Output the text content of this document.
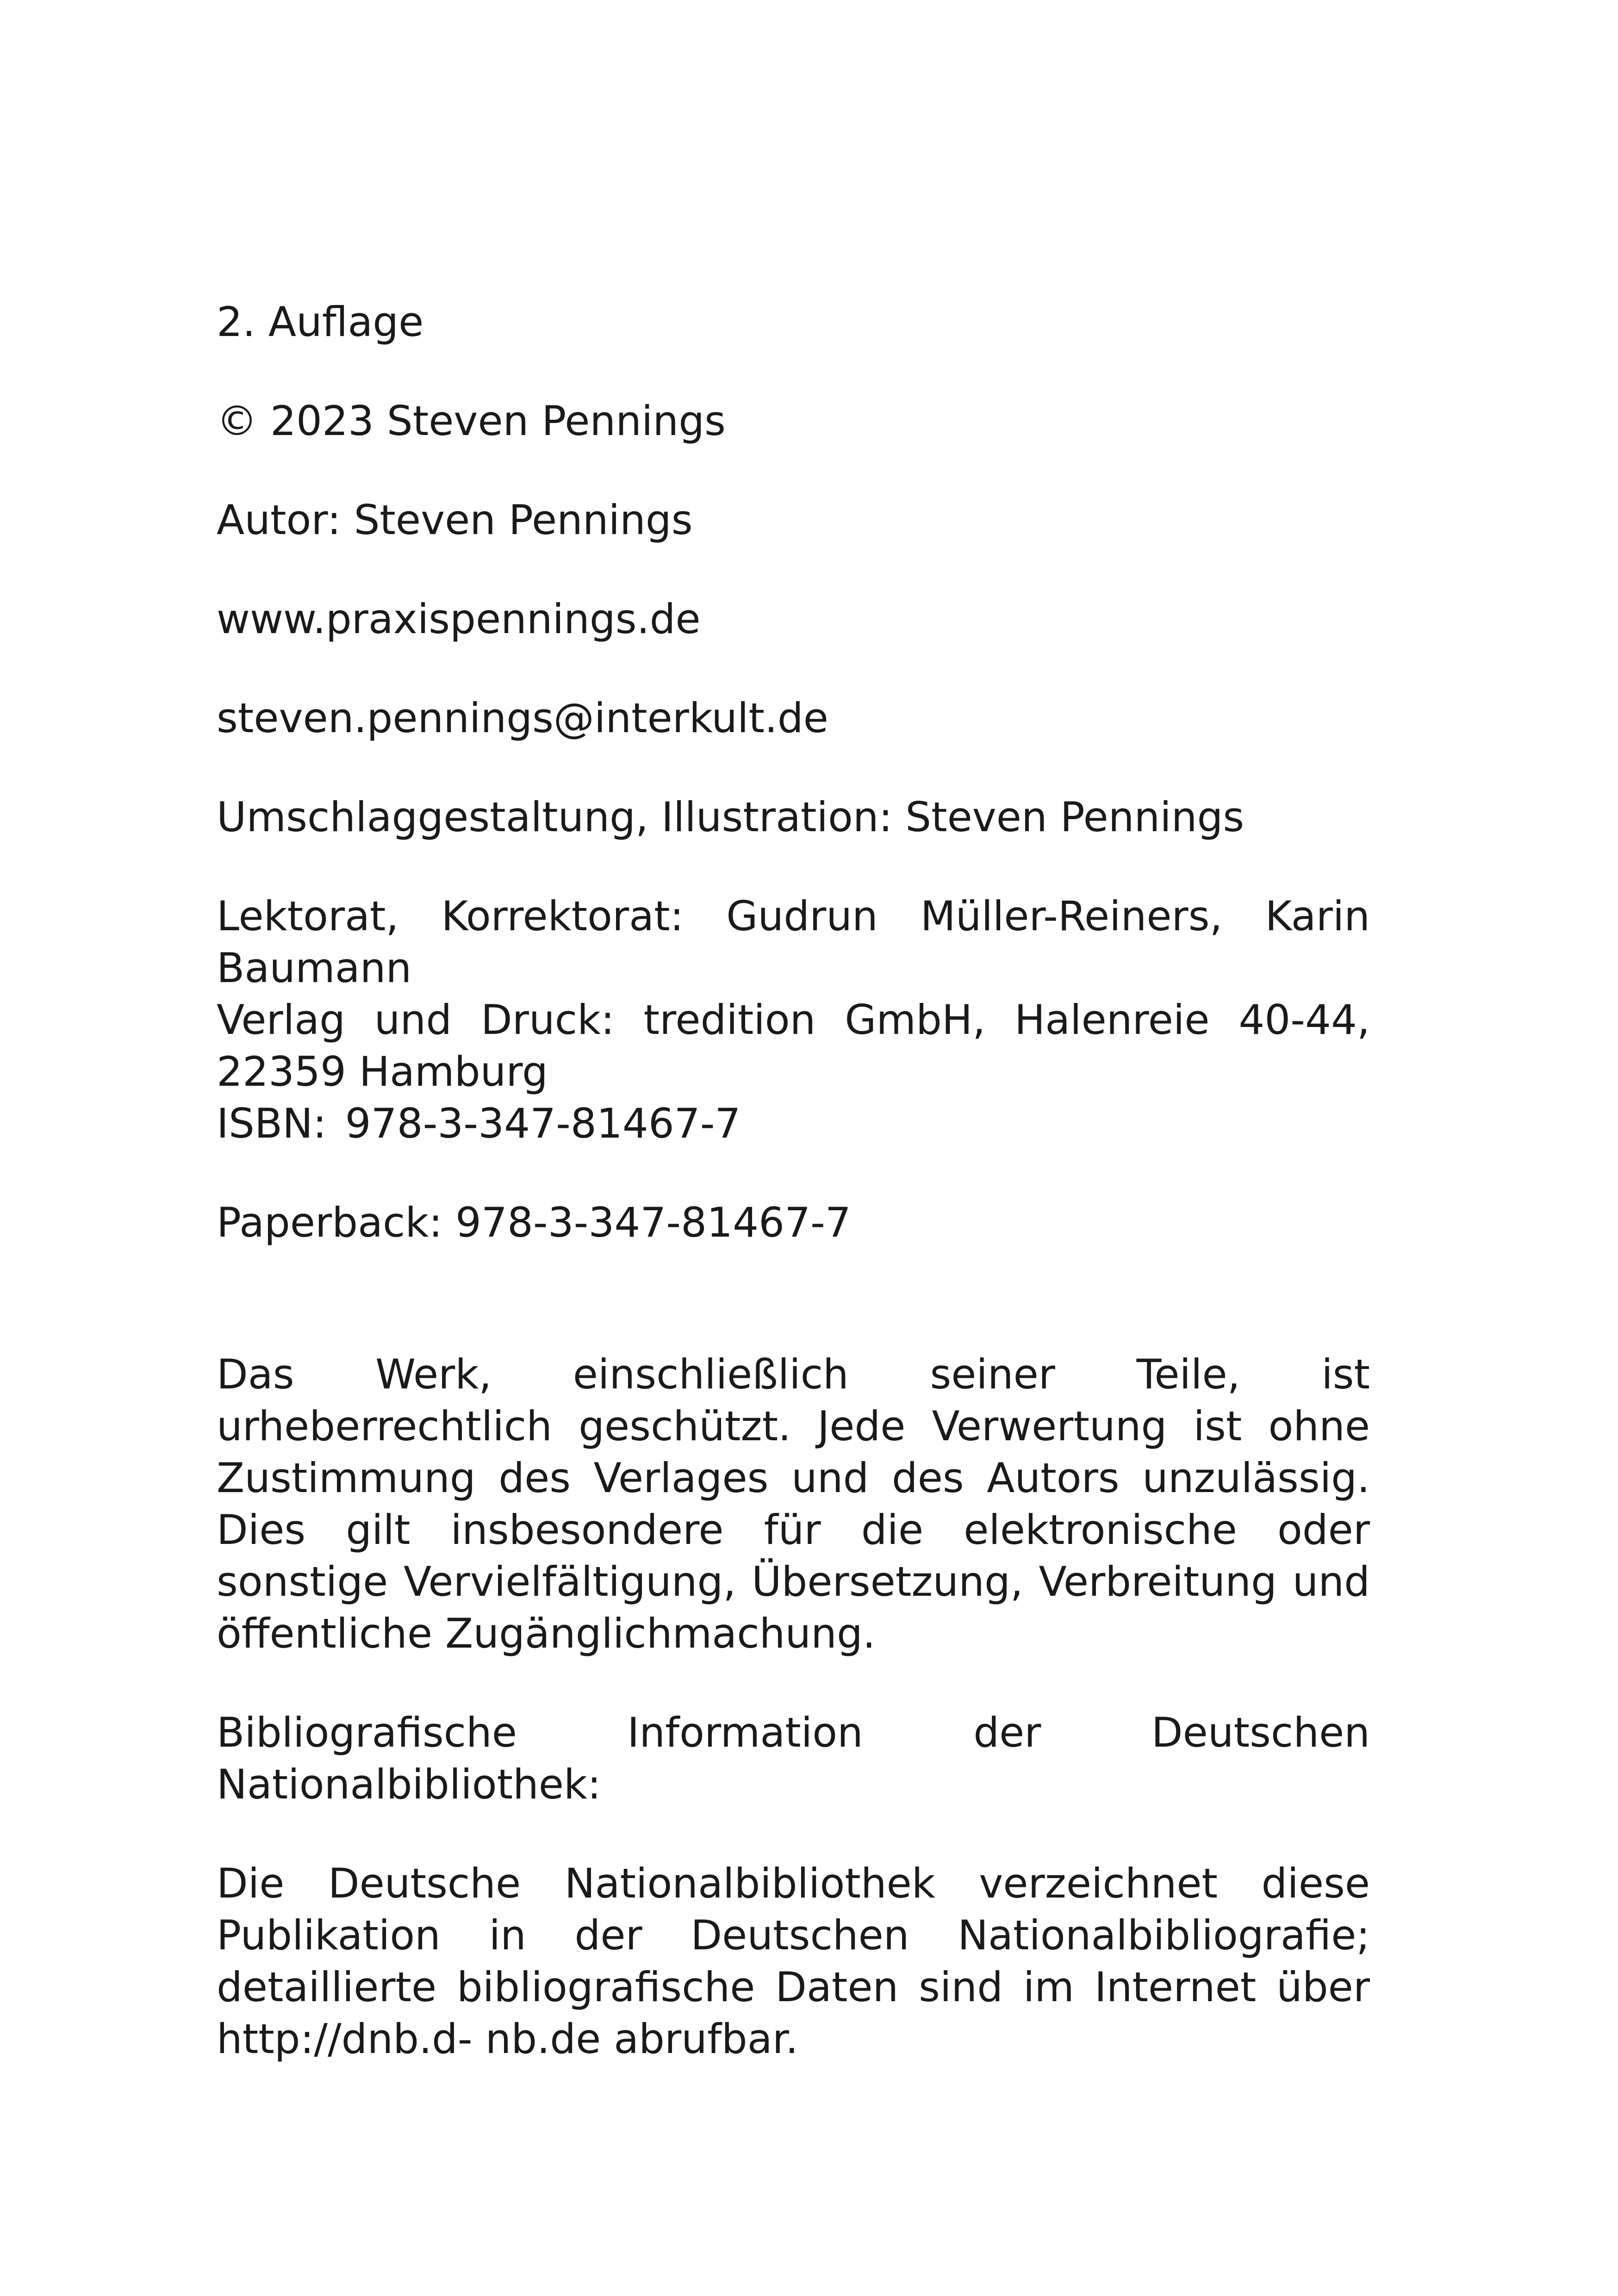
2. Auflage
© 2023 Steven Pennings
Autor: Steven Pennings
www.praxispennings.de
steven.pennings@interkult.de
Umschlaggestaltung, Illustration: Steven Pennings
Lektorat, Korrektorat: Gudrun Müller-Reiners, Karin Baumann
Verlag und Druck: tredition GmbH, Halenreie 40-44, 22359 Hamburg
ISBN: 978-3-347-81467-7
Paperback: 978-3-347-81467-7
Das Werk, einschließlich seiner Teile, ist urheberrechtlich geschützt. Jede Verwertung ist ohne Zustimmung des Verlages und des Autors unzulässig. Dies gilt insbesondere für die elektronische oder sonstige Vervielfältigung, Übersetzung, Verbreitung und öffentliche Zugänglichmachung.
Bibliografische Information der Deutschen Nationalbibliothek:
Die Deutsche Nationalbibliothek verzeichnet diese Publikation in der Deutschen Nationalbibliografie; detaillierte bibliografische Daten sind im Internet über http://dnb.d- nb.de abrufbar.
